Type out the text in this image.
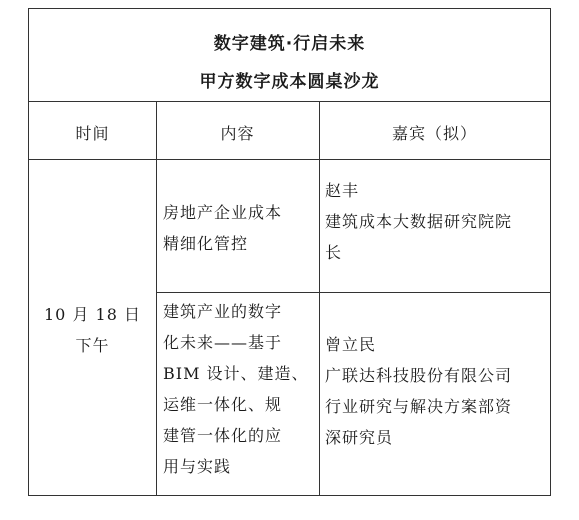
数字建筑·行启未来
甲方数字成本圆桌沙龙
时间	内容	嘉宾（拟）
10 月 18 日
下午
房地产企业成本
精细化管控
赵丰
建筑成本大数据研究院院
长
建筑产业的数字
化未来——基于
BIM 设计、建造、
运维一体化、规
建管一体化的应
用与实践
曾立民
广联达科技股份有限公司
行业研究与解决方案部资
深研究员
